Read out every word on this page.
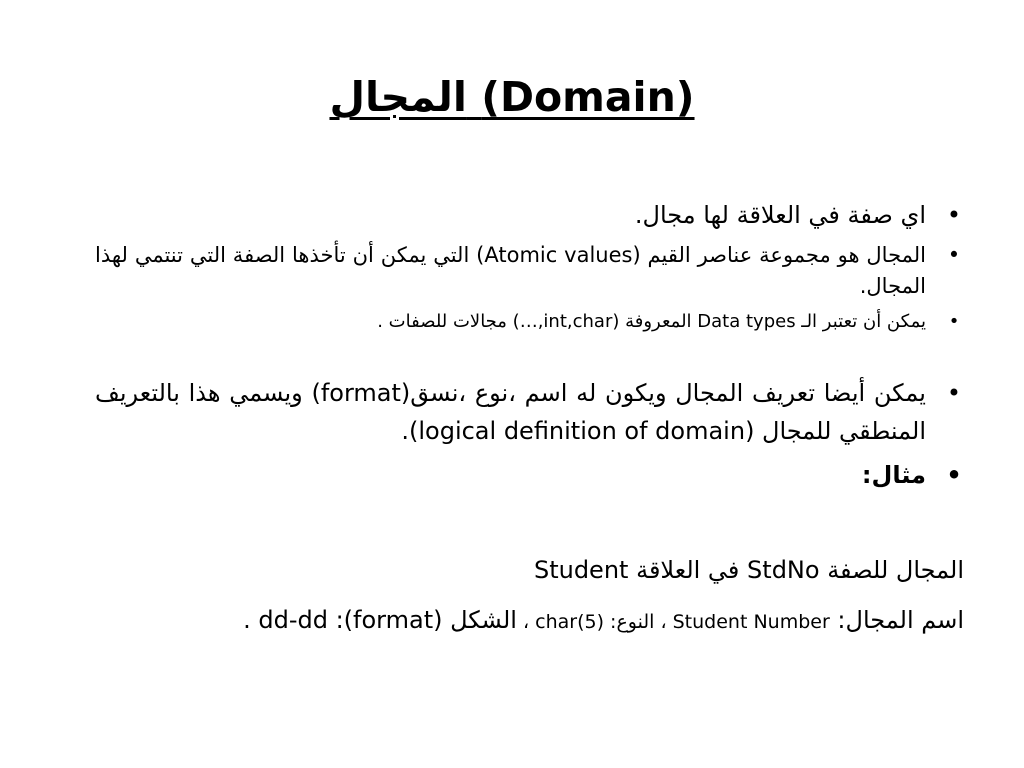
المجال (Domain)
•
اي صفة في العلاقة لها مجال.
•
المجال هو مجموعة عناصر القيم (Atomic values) التي يمكن أن تأخذها الصفة التي تنتمي لهذا المجال.
•
يمكن أن تعتبر الـ Data types المعروفة (int,char,…) مجالات للصفات .
•
يمكن أيضا تعريف المجال ويكون له اسم ،نوع ،نسق(format) ويسمي هذا بالتعريف المنطقي للمجال (logical definition of domain).
•
مثال:
المجال للصفة StdNo في العلاقة Student
اسم المجال: Student Number ، النوع: char(5) ، الشكل (format): dd-dd .
